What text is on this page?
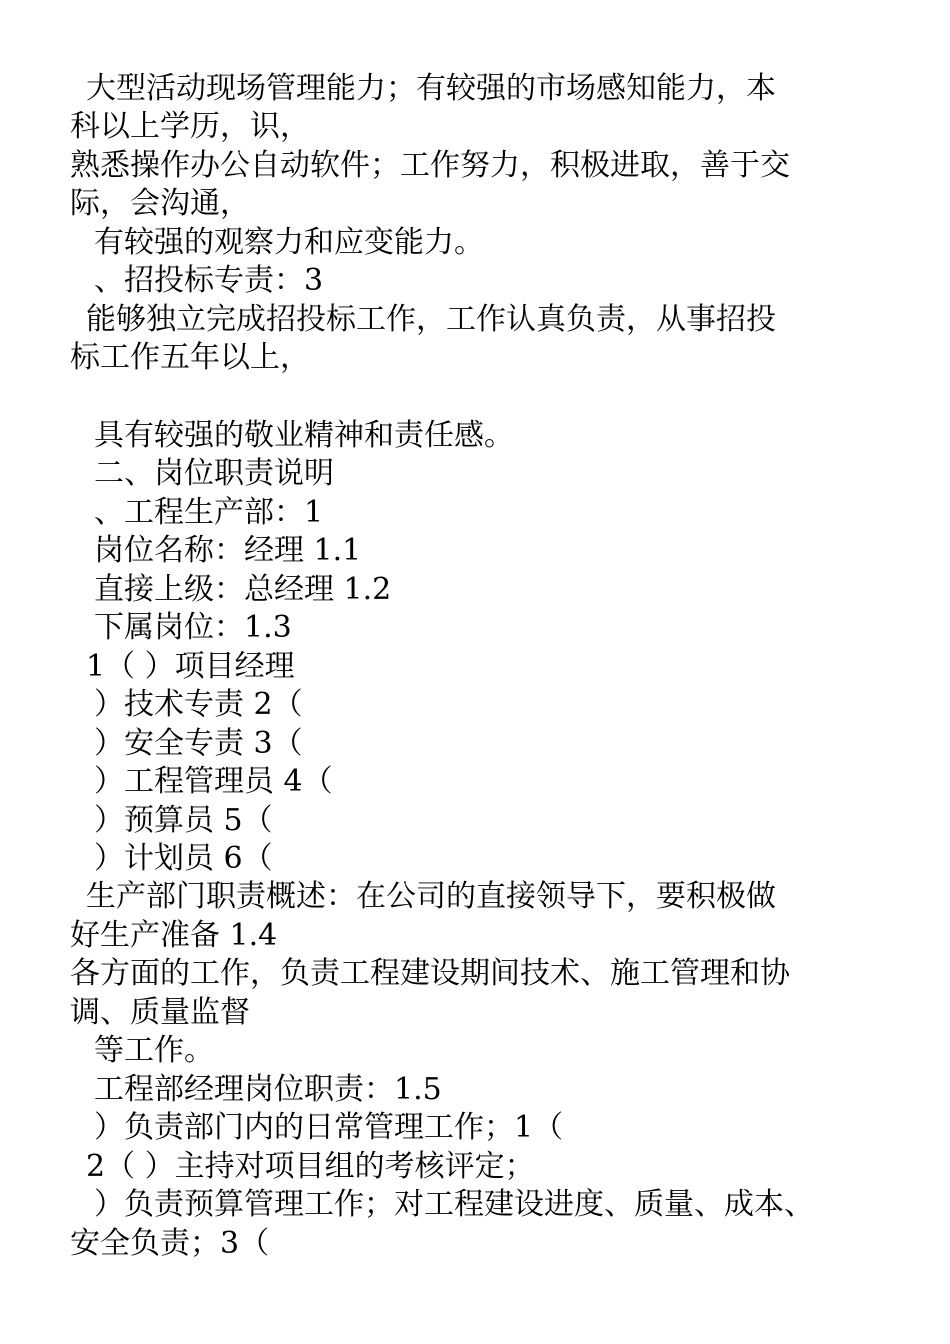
大型活动现场管理能力；有较强的市场感知能力，本

科以上学历，识，

熟悉操作办公自动软件；工作努力，积极进取，善于交

际，会沟通，

有较强的观察力和应变能力。

、招投标专责：3

能够独立完成招投标工作，工作认真负责，从事招投

标工作五年以上，

具有较强的敬业精神和责任感。

二、岗位职责说明

、工程生产部：1

岗位名称：经理 1.1

直接上级：总经理 1.2

下属岗位：1.3

1（ ）项目经理

）技术专责 2（

）安全专责 3（

）工程管理员 4（

）预算员 5（

）计划员 6（

生产部门职责概述：在公司的直接领导下，要积极做

好生产准备 1.4

各方面的工作，负责工程建设期间技术、施工管理和协

调、质量监督

等工作。

工程部经理岗位职责：1.5

）负责部门内的日常管理工作；1（

2（ ）主持对项目组的考核评定；

）负责预算管理工作；对工程建设进度、质量、成本、

安全负责；3（
